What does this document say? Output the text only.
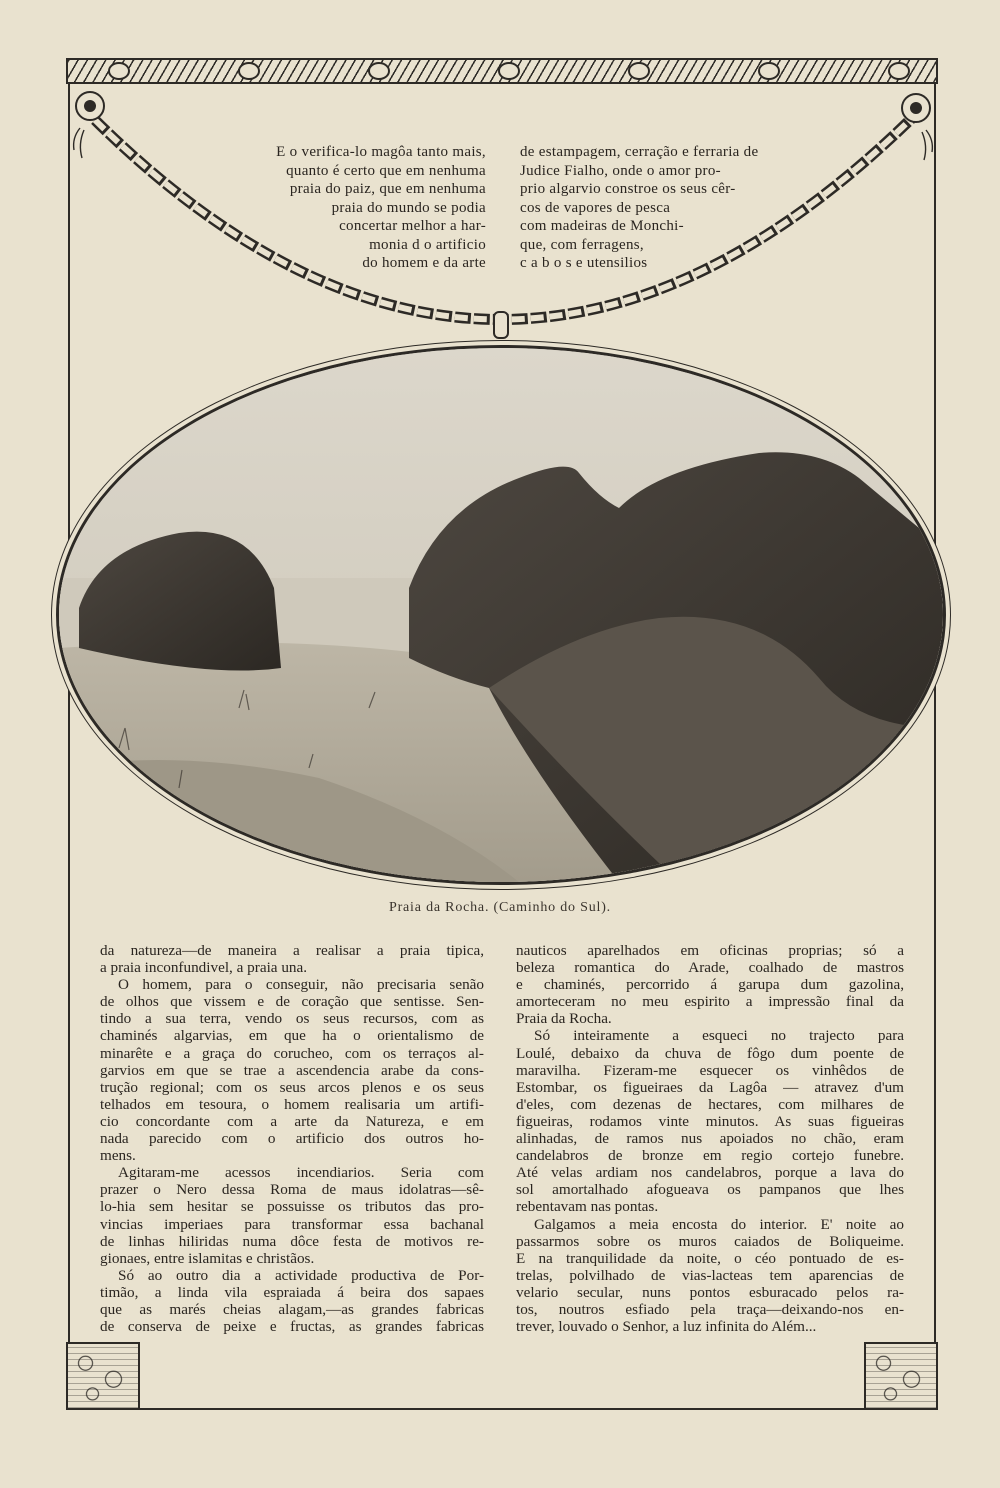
E o verifica-lo magôa tanto mais,
quanto é certo que em nenhuma
praia do paiz, que em nenhuma
praia do mundo se podia
concertar melhor a har-
monia d o artificio
do homem e da arte
de estampagem, cerração e ferraria de
Judice Fialho, onde o amor pro-
prio algarvio constroe os seus cêr-
cos de vapores de pesca
com madeiras de Monchi-
que, com ferragens,
c a b o s e utensilios
Praia da Rocha. (Caminho do Sul).
da natureza—de maneira a realisar a praia tipica,
a praia inconfundivel, a praia una.
O homem, para o conseguir, não precisaria senão
de olhos que vissem e de coração que sentisse. Sen-
tindo a sua terra, vendo os seus recursos, com as
chaminés algarvias, em que ha o orientalismo de
minarête e a graça do corucheo, com os terraços al-
garvios em que se trae a ascendencia arabe da cons-
trução regional; com os seus arcos plenos e os seus
telhados em tesoura, o homem realisaria um artifi-
cio concordante com a arte da Natureza, e em
nada parecido com o artificio dos outros ho-
mens.
Agitaram-me acessos incendiarios. Seria com
prazer o Nero dessa Roma de maus idolatras—sê-
lo-hia sem hesitar se possuisse os tributos das pro-
vincias imperiaes para transformar essa bachanal
de linhas hiliridas numa dôce festa de motivos re-
gionaes, entre islamitas e christãos.
Só ao outro dia a actividade productiva de Por-
timão, a linda vila espraiada á beira dos sapaes
que as marés cheias alagam,—as grandes fabricas
de conserva de peixe e fructas, as grandes fabricas
nauticos aparelhados em oficinas proprias; só a
beleza romantica do Arade, coalhado de mastros
e chaminés, percorrido á garupa dum gazolina,
amorteceram no meu espirito a impressão final da
Praia da Rocha.
Só inteiramente a esqueci no trajecto para
Loulé, debaixo da chuva de fôgo dum poente de
maravilha. Fizeram-me esquecer os vinhêdos de
Estombar, os figueiraes da Lagôa — atravez d'um
d'eles, com dezenas de hectares, com milhares de
figueiras, rodamos vinte minutos. As suas figueiras
alinhadas, de ramos nus apoiados no chão, eram
candelabros de bronze em regio cortejo funebre.
Até velas ardiam nos candelabros, porque a lava do
sol amortalhado afogueava os pampanos que lhes
rebentavam nas pontas.
Galgamos a meia encosta do interior. E' noite ao
passarmos sobre os muros caiados de Boliqueime.
E na tranquilidade da noite, o céo pontuado de es-
trelas, polvilhado de vias-lacteas tem aparencias de
velario secular, nuns pontos esburacado pelos ra-
tos, noutros esfiado pela traça—deixando-nos en-
trever, louvado o Senhor, a luz infinita do Além...
